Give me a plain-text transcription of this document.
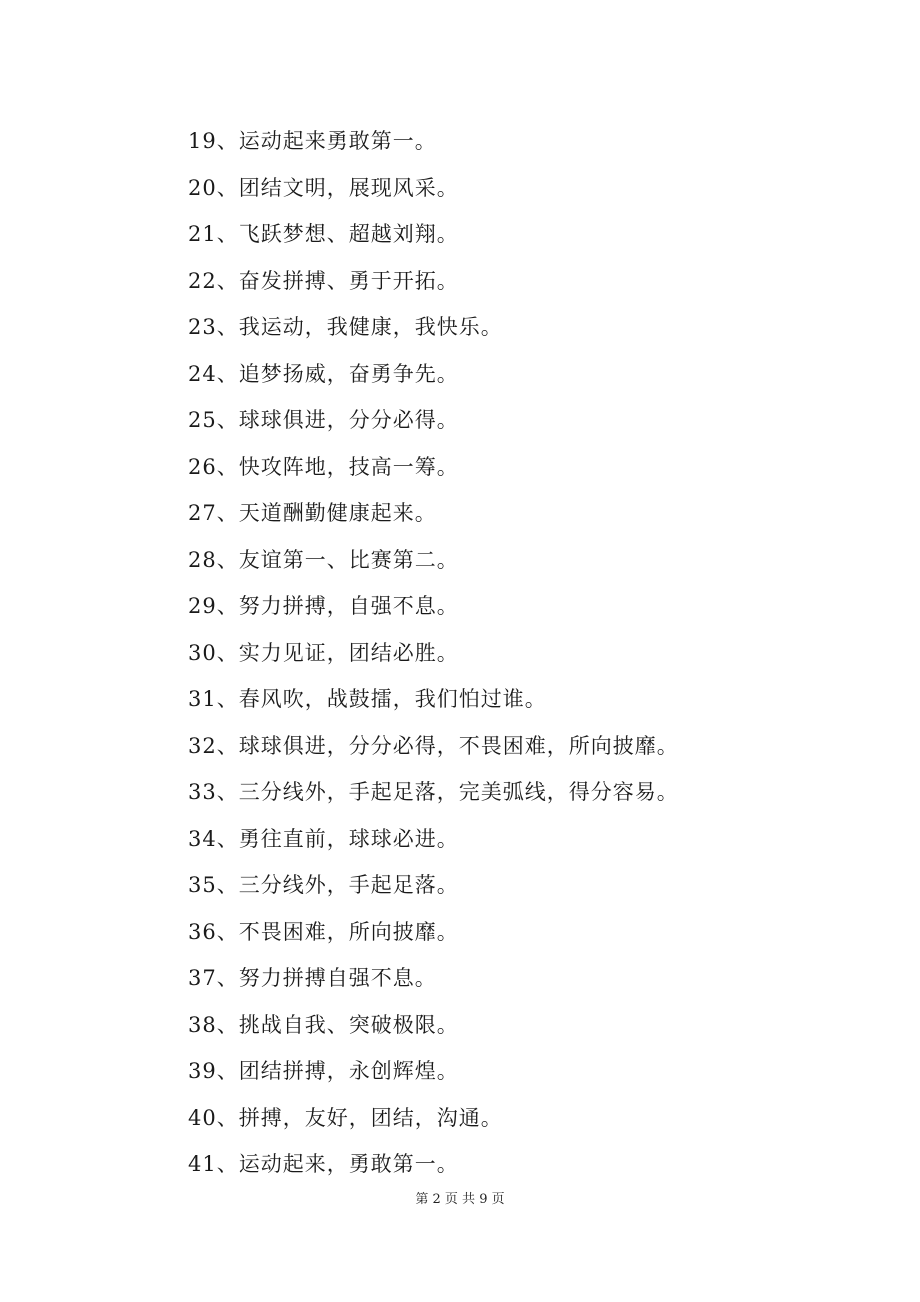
19、运动起来勇敢第一。
20、团结文明，展现风采。
21、飞跃梦想、超越刘翔。
22、奋发拼搏、勇于开拓。
23、我运动，我健康，我快乐。
24、追梦扬威，奋勇争先。
25、球球俱进，分分必得。
26、快攻阵地，技高一筹。
27、天道酬勤健康起来。
28、友谊第一、比赛第二。
29、努力拼搏，自强不息。
30、实力见证，团结必胜。
31、春风吹，战鼓擂，我们怕过谁。
32、球球俱进，分分必得，不畏困难，所向披靡。
33、三分线外，手起足落，完美弧线，得分容易。
34、勇往直前，球球必进。
35、三分线外，手起足落。
36、不畏困难，所向披靡。
37、努力拼搏自强不息。
38、挑战自我、突破极限。
39、团结拼搏，永创辉煌。
40、拼搏，友好，团结，沟通。
41、运动起来，勇敢第一。
第 2 页 共 9 页
